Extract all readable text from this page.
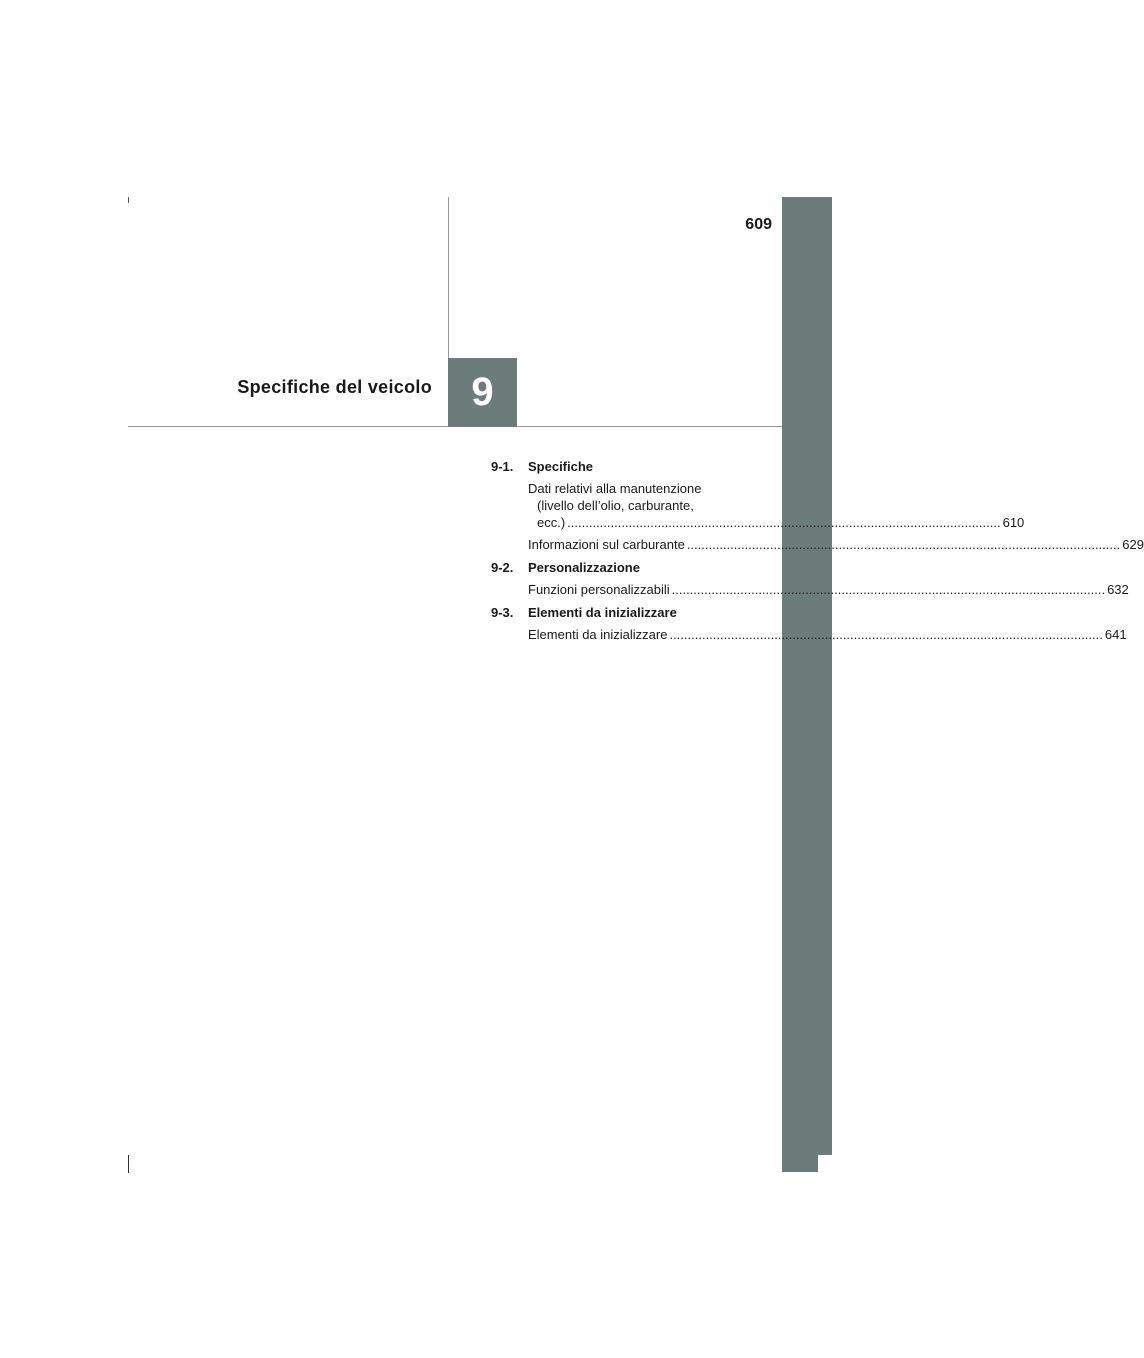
609
Specifiche del veicolo 9
9-1.	Specifiche
Dati relativi alla manutenzione
(livello dell’olio, carburante,
ecc.) ........................................................................................................................ 610
Informazioni sul carburante ........................................................................................................................ 629
9-2.	Personalizzazione
Funzioni personalizzabili ........................................................................................................................ 632
9-3.	Elementi da inizializzare
Elementi da inizializzare ........................................................................................................................ 641
